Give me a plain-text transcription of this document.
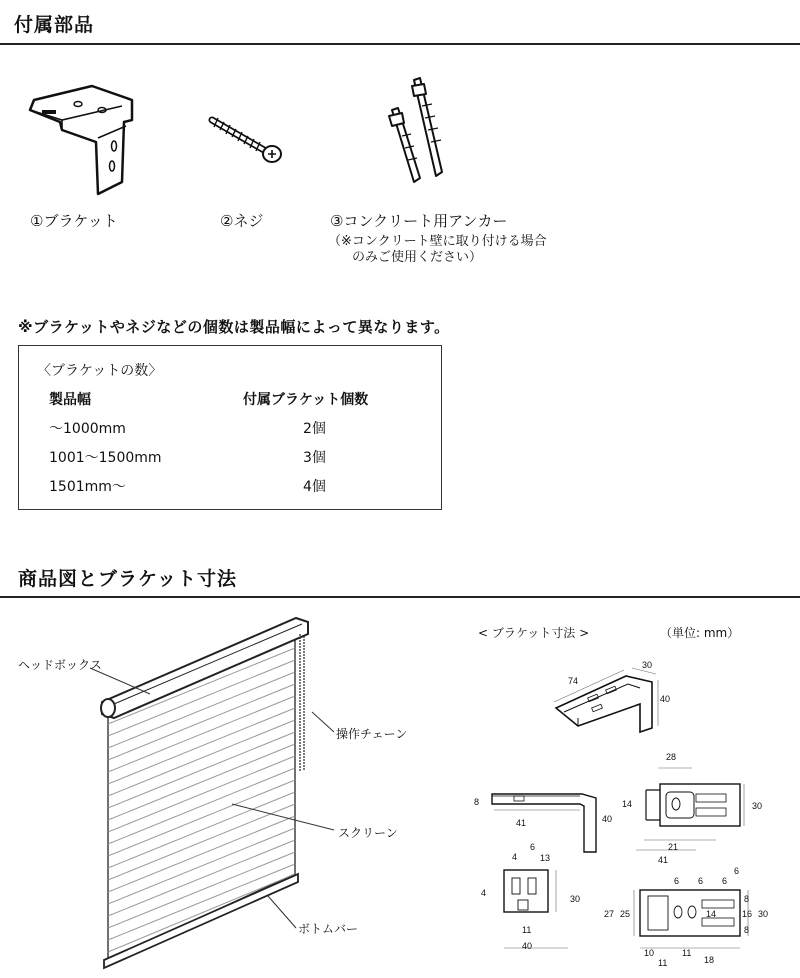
付属部品
①ブラケット	②ネジ	③コンクリート用アンカー
（※コンクリート壁に取り付ける場合
のみご使用ください）
※ブラケットやネジなどの個数は製品幅によって異なります。
〈ブラケットの数〉
製品幅	付属ブラケット個数
〜1000mm	2個
1001〜1500mm	3個
1501mm〜	4個
商品図とブラケット寸法
ヘッドボックス
操作チェーン
スクリーン
ボトムバー
< ブラケット寸法 >	（単位: mm）
74
30
40
8
41	40
28
14
21
41
30
6
4	13
4
30
11
40
6 6 6
6
27 25	14
8
16 30
8
10
11
11
18
